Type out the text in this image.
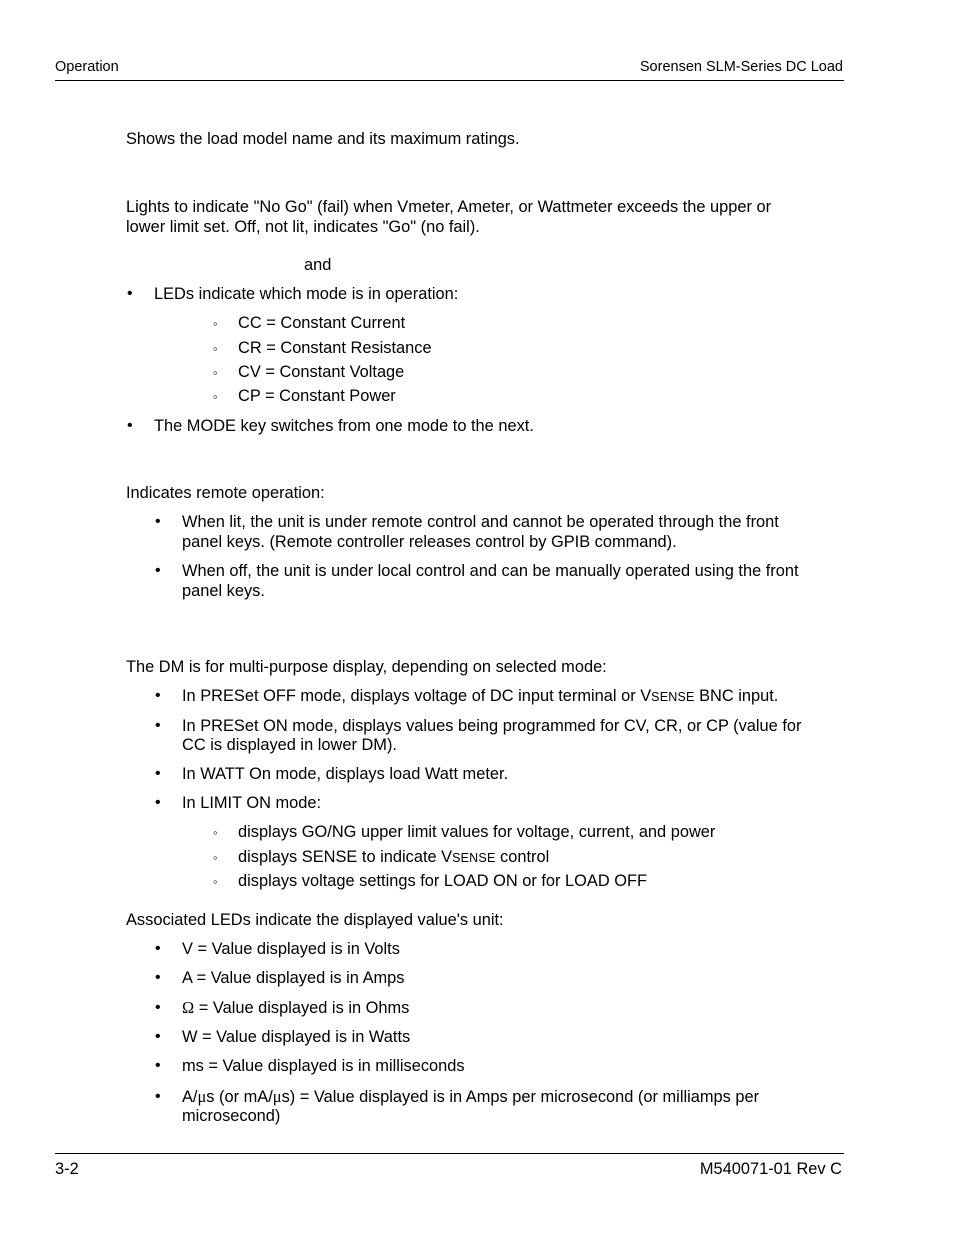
Operation	Sorensen SLM-Series DC Load
Shows the load model name and its maximum ratings.
Lights to indicate "No Go" (fail) when Vmeter, Ameter, or Wattmeter exceeds the upper or
lower limit set. Off, not lit, indicates "Go" (no fail).
and
• LEDs indicate which mode is in operation:
◦ CC = Constant Current
◦ CR = Constant Resistance
◦ CV = Constant Voltage
◦ CP = Constant Power
• The MODE key switches from one mode to the next.
Indicates remote operation:
• When lit, the unit is under remote control and cannot be operated through the front
panel keys. (Remote controller releases control by GPIB command).
• When off, the unit is under local control and can be manually operated using the front
panel keys.
The DM is for multi-purpose display, depending on selected mode:
• In PRESet OFF mode, displays voltage of DC input terminal or VSENSE BNC input.
• In PRESet ON mode, displays values being programmed for CV, CR, or CP (value for
CC is displayed in lower DM).
• In WATT On mode, displays load Watt meter.
• In LIMIT ON mode:
◦ displays GO/NG upper limit values for voltage, current, and power
◦ displays SENSE to indicate VSENSE control
◦ displays voltage settings for LOAD ON or for LOAD OFF
Associated LEDs indicate the displayed value's unit:
• V = Value displayed is in Volts
• A = Value displayed is in Amps
• Ω = Value displayed is in Ohms
• W = Value displayed is in Watts
• ms = Value displayed is in milliseconds
• A/μs (or mA/μs) = Value displayed is in Amps per microsecond (or milliamps per
microsecond)
3-2	M540071-01 Rev C
